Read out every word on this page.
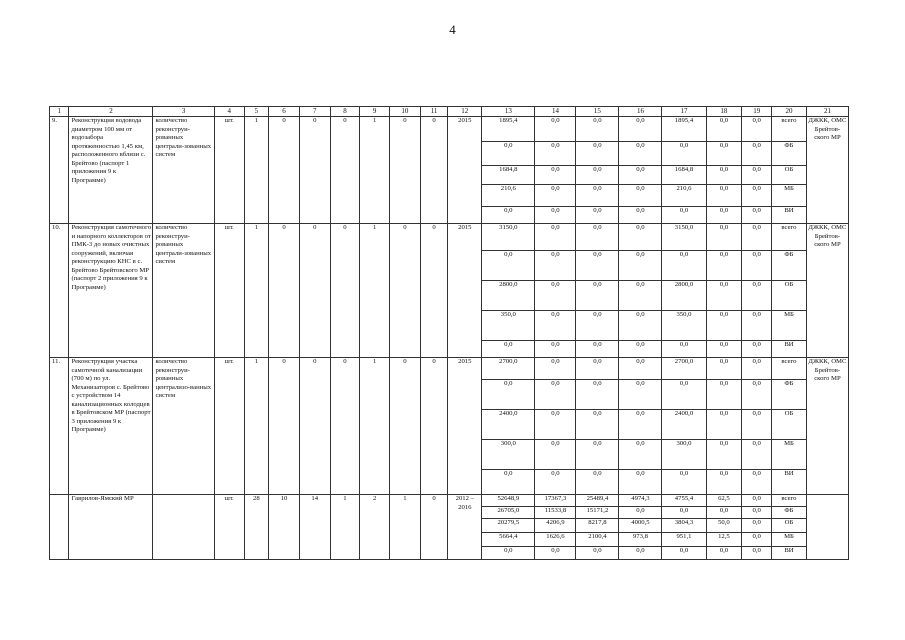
4
1	2	3	4	5	6	7	8	9	10	11	12	13	14	15	16	17	18	19	20	21
9.	Реконструкция водовода диаметром 100 мм от водозабора протяженностью 1,45 км, расположенного вблизи с. Брейтово (паспорт 1 приложения 9 к Программе)	количество реконструи-рованных централи-зованных систем	шт.	1	0	0	0	1	0	0	2015	1895,4	0,0	0,0	0,0	1895,4	0,0	0,0	всего	ДЖКК, ОМС Брейтов-ского МР
												0,0	0,0	0,0	0,0	0,0	0,0	0,0	ФБ	
												1684,8	0,0	0,0	0,0	1684,8	0,0	0,0	ОБ	
												210,6	0,0	0,0	0,0	210,6	0,0	0,0	МБ	
												0,0	0,0	0,0	0,0	0,0	0,0	0,0	ВИ	
10.	Реконструкция самотечного и напорного коллекторов от ПМК-3 до новых очистных сооружений, включая реконструкцию КНС в с. Брейтово Брейтовского МР (паспорт 2 приложения 9 к Программе)	количество реконструи-рованных централи-зованных систем	шт.	1	0	0	0	1	0	0	2015	3150,0	0,0	0,0	0,0	3150,0	0,0	0,0	всего	ДЖКК, ОМС Брейтов-ского МР
												0,0	0,0	0,0	0,0	0,0	0,0	0,0	ФБ	
												2800,0	0,0	0,0	0,0	2800,0	0,0	0,0	ОБ	
												350,0	0,0	0,0	0,0	350,0	0,0	0,0	МБ	
												0,0	0,0	0,0	0,0	0,0	0,0	0,0	ВИ	
11.	Реконструкция участка самотечной канализации (700 м) по ул. Механизаторов с. Брейтово с устройством 14 канализационных колодцев в Брейтовском МР (паспорт 3 приложения 9 к Программе)	количество реконструи-рованных централизо-ванных систем	шт.	1	0	0	0	1	0	0	2015	2700,0	0,0	0,0	0,0	2700,0	0,0	0,0	всего	ДЖКК, ОМС Брейтов-ского МР
												0,0	0,0	0,0	0,0	0,0	0,0	0,0	ФБ	
												2400,0	0,0	0,0	0,0	2400,0	0,0	0,0	ОБ	
												300,0	0,0	0,0	0,0	300,0	0,0	0,0	МБ	
												0,0	0,0	0,0	0,0	0,0	0,0	0,0	ВИ	
	Гаврилов-Ямский МР		шт.	28	10	14	1	2	1	0	2012 – 2016	52648,9	17367,3	25489,4	4974,3	4755,4	62,5	0,0	всего	
												26705,0	11533,8	15171,2	0,0	0,0	0,0	0,0	ФБ	
												20279,5	4206,9	8217,8	4000,5	3804,3	50,0	0,0	ОБ	
												5664,4	1626,6	2100,4	973,8	951,1	12,5	0,0	МБ	
												0,0	0,0	0,0	0,0	0,0	0,0	0,0	ВИ	
